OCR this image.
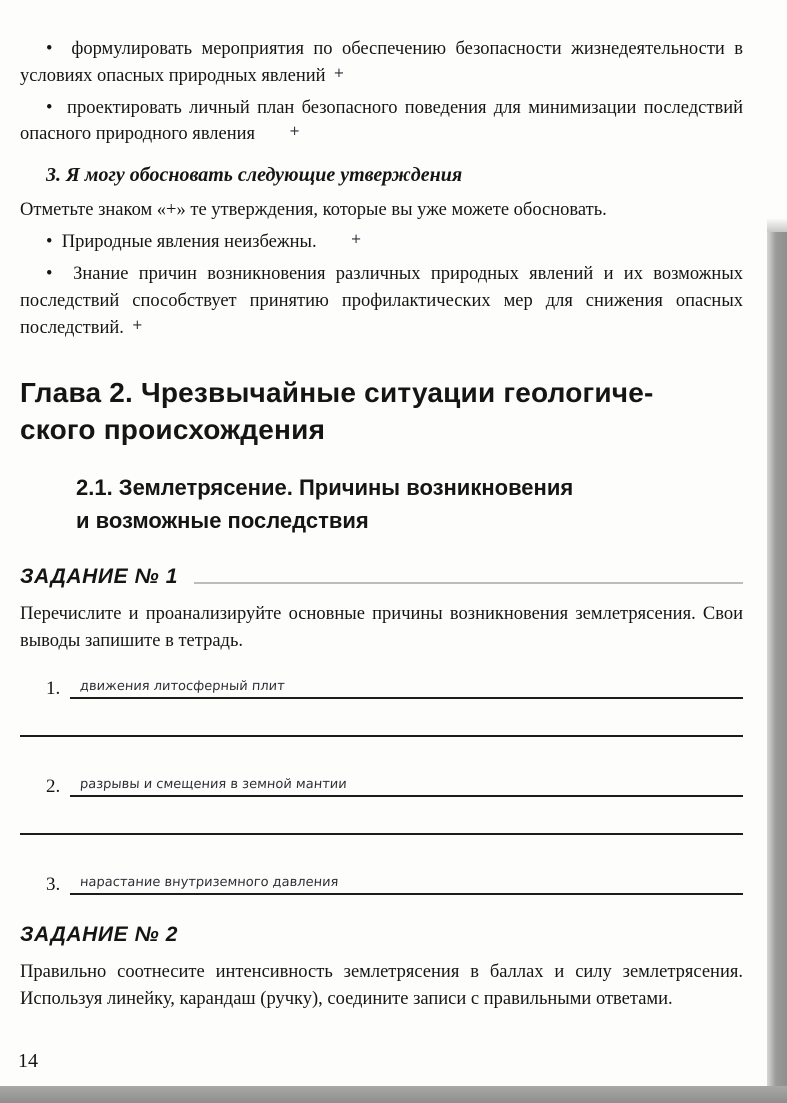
•  формулировать мероприятия по обеспечению безопасности жизнедеятельности в условиях опасных природных явлений +

•  проектировать личный план безопасного поведения для минимизации последствий опасного природного явления	+

3. Я могу обосновать следующие утверждения

Отметьте знаком «+» те утверждения, которые вы уже можете обосновать.

•  Природные явления неизбежны.	+

•  Знание причин возникновения различных природных явлений и их возможных последствий способствует принятию профилактических мер для снижения опасных последствий. +

Глава 2. Чрезвычайные ситуации геологиче-
ского происхождения
2.1. Землетрясение. Причины возникновения
и возможные последствия
ЗАДАНИЕ № 1

Перечислите и проанализируйте основные причины возникновения землетрясения. Свои выводы запишите в тетрадь.

1. движения литосферный плит
2. разрывы и смещения в земной мантии
3. нарастание внутриземного давления
ЗАДАНИЕ № 2

Правильно соотнесите интенсивность землетрясения в баллах и силу землетрясения. Используя линейку, карандаш (ручку), соедините записи с правильными ответами.

14
